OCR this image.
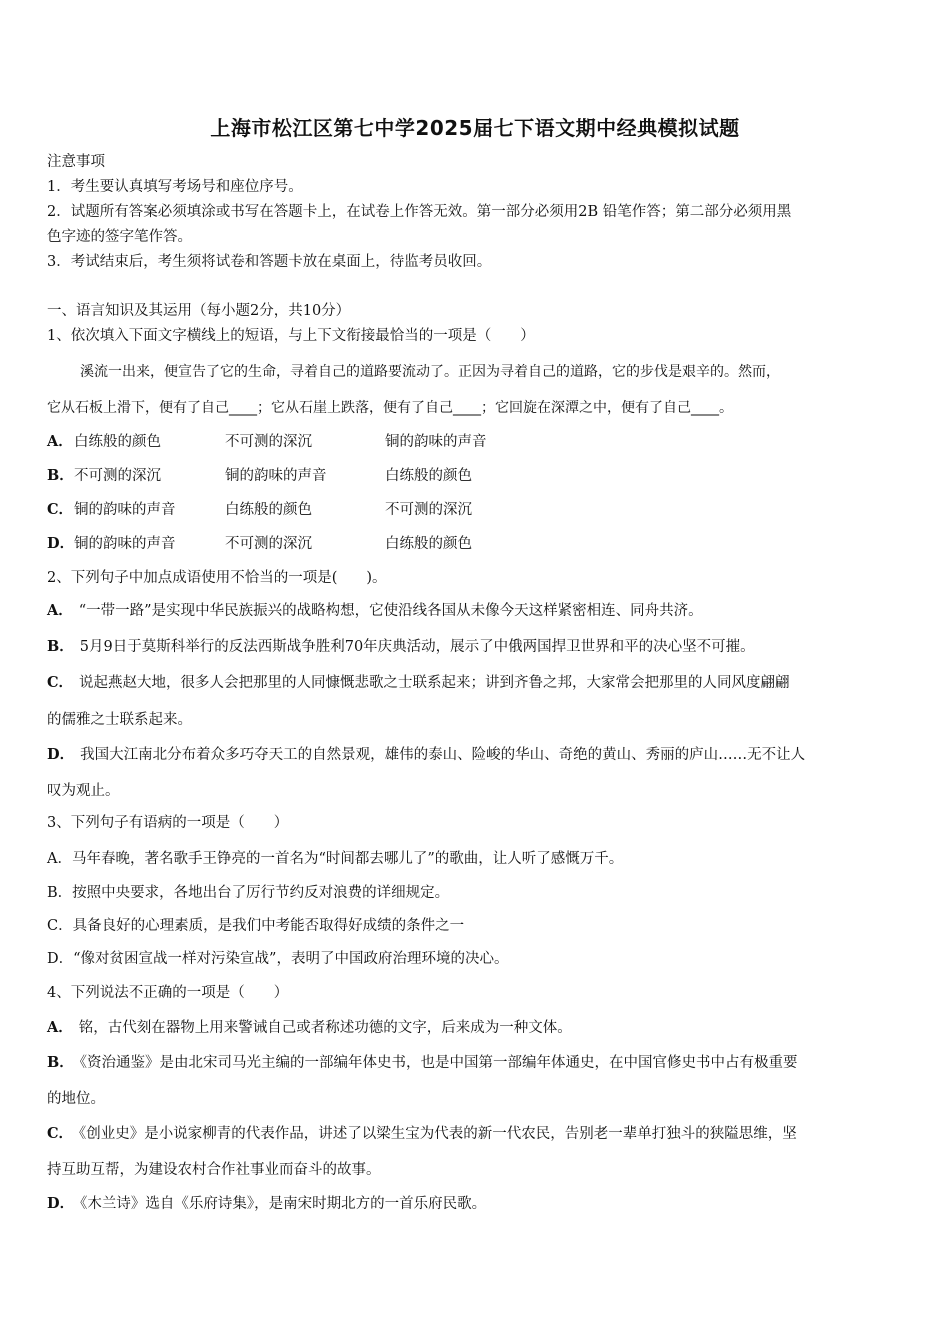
上海市松江区第七中学2025届七下语文期中经典模拟试题
注意事项
1．考生要认真填写考场号和座位序号。
2．试题所有答案必须填涂或书写在答题卡上，在试卷上作答无效。第一部分必须用2B 铅笔作答；第二部分必须用黑
色字迹的签字笔作答。
3．考试结束后，考生须将试卷和答题卡放在桌面上，待监考员收回。
一、语言知识及其运用（每小题2分，共10分）
1、依次填入下面文字横线上的短语，与上下文衔接最恰当的一项是（　　）
溪流一出来，便宣告了它的生命，寻着自己的道路要流动了。正因为寻着自己的道路，它的步伐是艰辛的。然而，
它从石板上滑下，便有了自己____；它从石崖上跌落，便有了自己____；它回旋在深潭之中，便有了自己____。
A． 白练般的颜色	不可测的深沉	铜的韵味的声音
B． 不可测的深沉	铜的韵味的声音	白练般的颜色
C． 铜的韵味的声音	白练般的颜色	不可测的深沉
D． 铜的韵味的声音	不可测的深沉	白练般的颜色
2、下列句子中加点成语使用不恰当的一项是(　　)。
A． “一带一路”是实现中华民族振兴的战略构想，它使沿线各国从未像今天这样紧密相连、同舟共济。
B． 5月9日于莫斯科举行的反法西斯战争胜利70年庆典活动，展示了中俄两国捍卫世界和平的决心坚不可摧。
C． 说起燕赵大地，很多人会把那里的人同慷慨悲歌之士联系起来；讲到齐鲁之邦，大家常会把那里的人同风度翩翩
的儒雅之士联系起来。
D． 我国大江南北分布着众多巧夺天工的自然景观，雄伟的泰山、险峻的华山、奇绝的黄山、秀丽的庐山……无不让人
叹为观止。
3、下列句子有语病的一项是（　　）
A．马年春晚，著名歌手王铮亮的一首名为“时间都去哪儿了”的歌曲，让人听了感慨万千。
B．按照中央要求，各地出台了厉行节约反对浪费的详细规定。
C．具备良好的心理素质，是我们中考能否取得好成绩的条件之一
D．“像对贫困宣战一样对污染宣战”，表明了中国政府治理环境的决心。
4、下列说法不正确的一项是（　　）
A． 铭，古代刻在器物上用来警诫自己或者称述功德的文字，后来成为一种文体。
B． 《资治通鉴》是由北宋司马光主编的一部编年体史书，也是中国第一部编年体通史，在中国官修史书中占有极重要
的地位。
C． 《创业史》是小说家柳青的代表作品，讲述了以梁生宝为代表的新一代农民，告别老一辈单打独斗的狭隘思维，坚
持互助互帮，为建设农村合作社事业而奋斗的故事。
D． 《木兰诗》选自《乐府诗集》，是南宋时期北方的一首乐府民歌。
